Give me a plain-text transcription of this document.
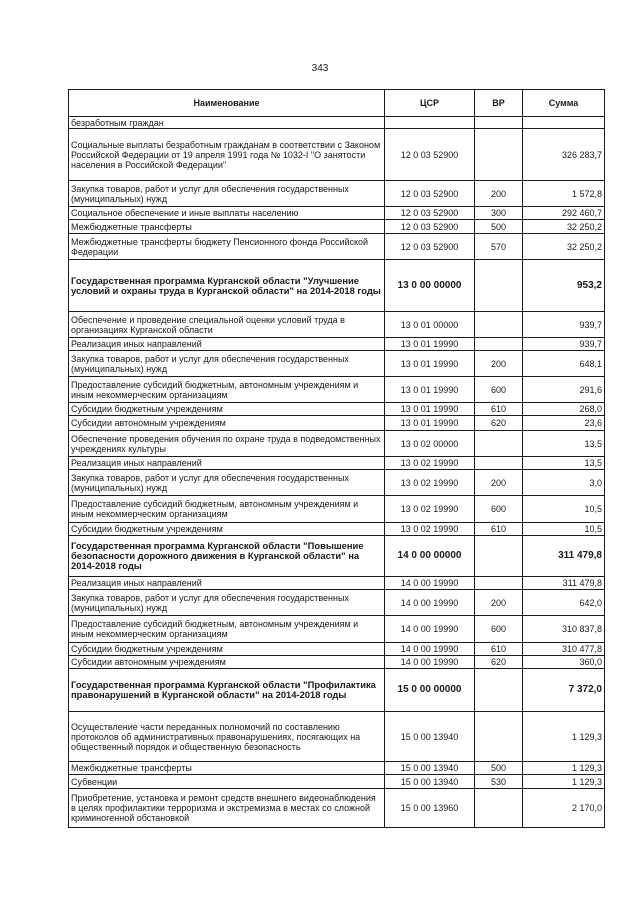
343
Наименование	ЦСР	ВР	Сумма
безработным граждан			
Социальные выплаты безработным гражданам в соответствии с Законом Российской Федерации от 19 апреля 1991 года № 1032-I "О занятости населения в Российской Федерации"	12 0 03 52900		326 283,7
Закупка товаров, работ и услуг для обеспечения государственных (муниципальных) нужд	12 0 03 52900	200	1 572,8
Социальное обеспечение и иные выплаты населению	12 0 03 52900	300	292 460,7
Межбюджетные трансферты	12 0 03 52900	500	32 250,2
Межбюджетные трансферты бюджету Пенсионного фонда Российской Федерации	12 0 03 52900	570	32 250,2
Государственная программа Курганской области "Улучшение условий и охраны труда в Курганской области" на 2014-2018 годы	13 0 00 00000		953,2
Обеспечение и проведение специальной оценки условий труда в организациях Курганской области	13 0 01 00000		939,7
Реализация иных направлений	13 0 01 19990		939,7
Закупка товаров, работ и услуг для обеспечения государственных (муниципальных) нужд	13 0 01 19990	200	648,1
Предоставление субсидий бюджетным, автономным учреждениям и иным некоммерческим организациям	13 0 01 19990	600	291,6
Субсидии бюджетным учреждениям	13 0 01 19990	610	268,0
Субсидии автономным учреждениям	13 0 01 19990	620	23,6
Обеспечение проведения обучения по охране труда в подведомственных учреждениях культуры	13 0 02 00000		13,5
Реализация иных направлений	13 0 02 19990		13,5
Закупка товаров, работ и услуг для обеспечения государственных (муниципальных) нужд	13 0 02 19990	200	3,0
Предоставление субсидий бюджетным, автономным учреждениям и иным некоммерческим организациям	13 0 02 19990	600	10,5
Субсидии бюджетным учреждениям	13 0 02 19990	610	10,5
Государственная программа Курганской области "Повышение безопасности дорожного движения в Курганской области" на 2014-2018 годы	14 0 00 00000		311 479,8
Реализация иных направлений	14 0 00 19990		311 479,8
Закупка товаров, работ и услуг для обеспечения государственных (муниципальных) нужд	14 0 00 19990	200	642,0
Предоставление субсидий бюджетным, автономным учреждениям и иным некоммерческим организациям	14 0 00 19990	600	310 837,8
Субсидии бюджетным учреждениям	14 0 00 19990	610	310 477,8
Субсидии автономным учреждениям	14 0 00 19990	620	360,0
Государственная программа Курганской области "Профилактика правонарушений в Курганской области" на 2014-2018 годы	15 0 00 00000		7 372,0
Осуществление части переданных полномочий по составлению протоколов об административных правонарушениях, посягающих на общественный порядок и общественную безопасность	15 0 00 13940		1 129,3
Межбюджетные трансферты	15 0 00 13940	500	1 129,3
Субвенции	15 0 00 13940	530	1 129,3
Приобретение, установка и ремонт средств внешнего видеонаблюдения в целях профилактики терроризма и экстремизма в местах со сложной криминогенной обстановкой	15 0 00 13960		2 170,0
